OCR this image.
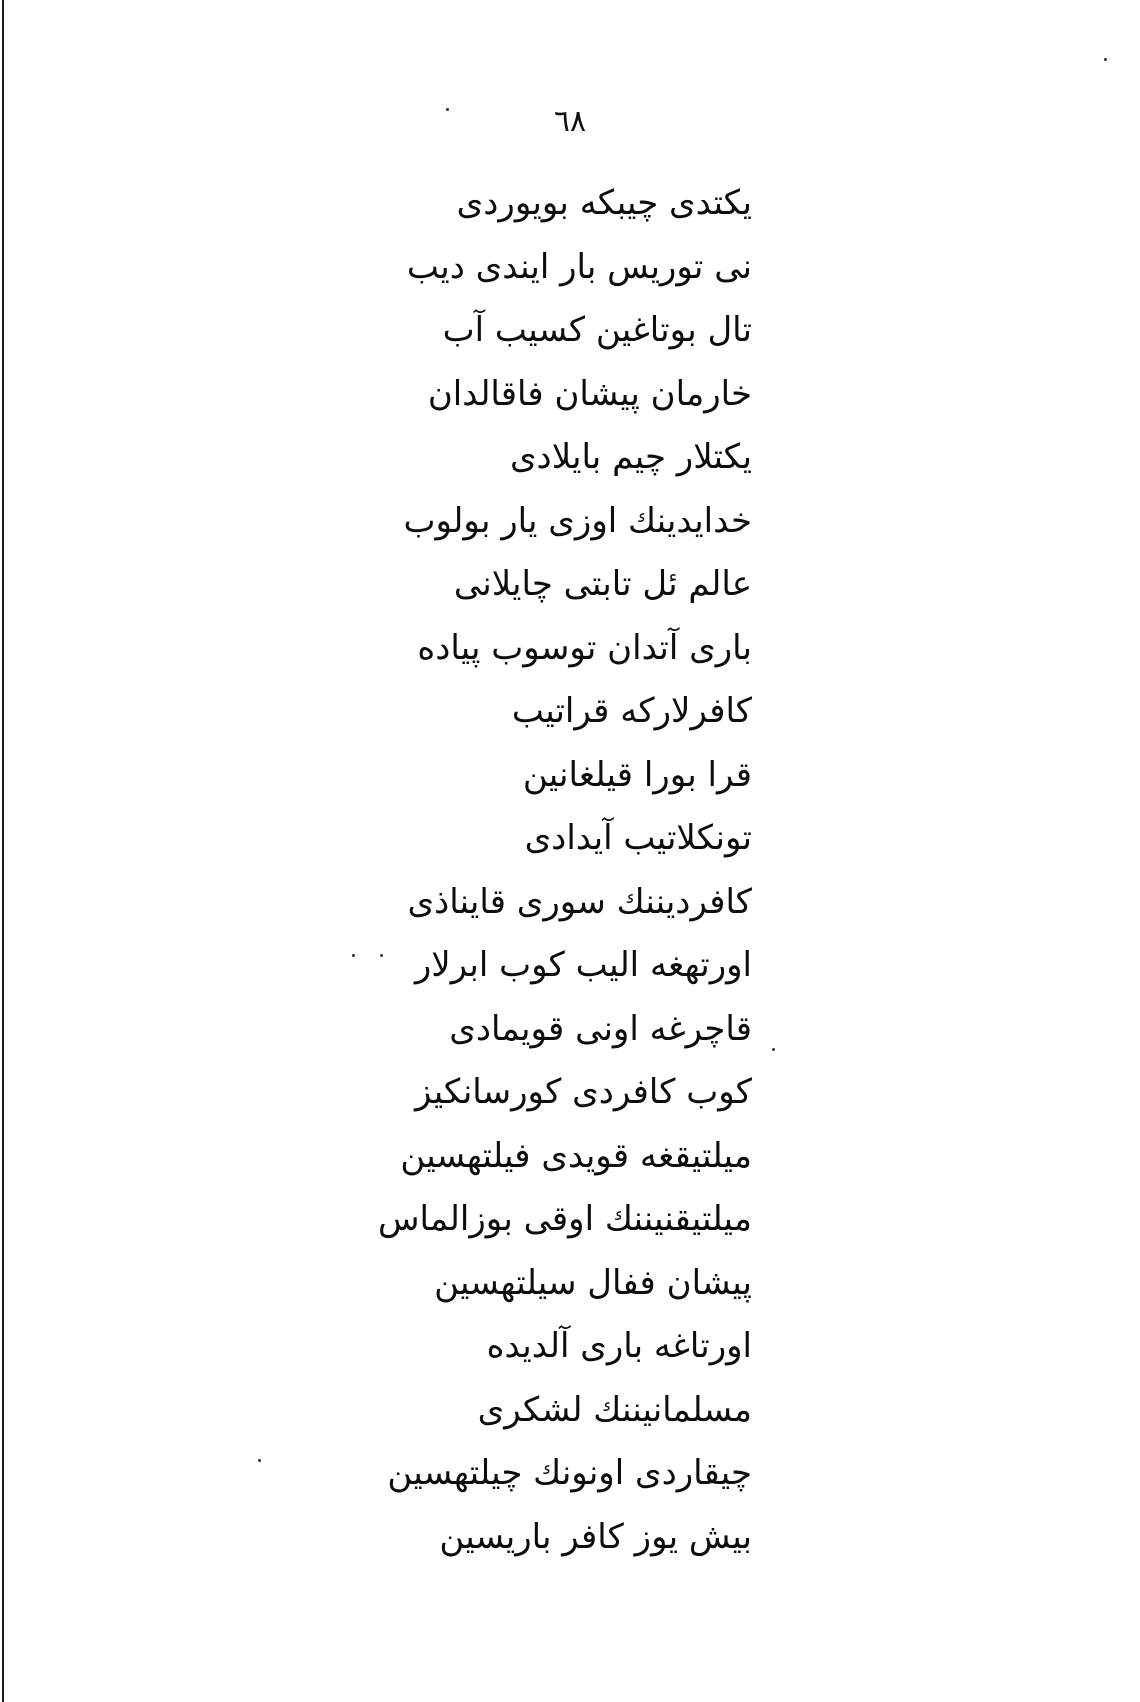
٦٨
يكتدى چيبكه بويوردى
نى توريس بار ايندى ديب
تال بوتاغين كسيب آب
خارمان پيشان فاقالدان
يكتلار چيم بايلادى
خدايدينك اوزى يار بولوب
عالم ئل تابتى چايلانى
بارى آتدان توسوب پياده
كافرلاركه قراتيب
قرا بورا قيلغانين
تونكلاتيب آيدادى
كافرديننك سورى قايناذى
اورتهغه اليب كوب ابرلار
قاچرغه اونى قويمادى
كوب كافردى كورسانكيز
ميلتيقغه قويدى فيلتهسين
ميلتيقنيننك اوقى بوزالماس
پيشان ففال سيلتهسين
اورتاغه بارى آلديده
مسلمانيننك لشكرى
چيقاردى اونونك چيلتهسين
بيش يوز كافر باريسين
